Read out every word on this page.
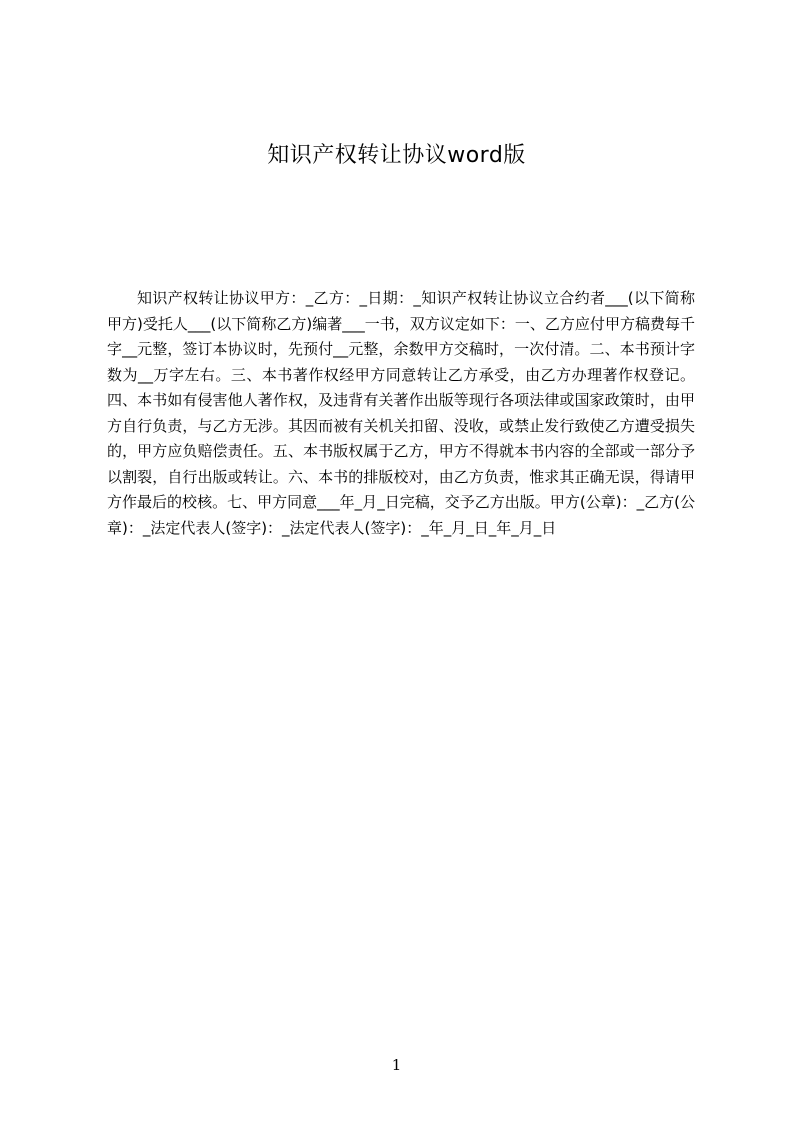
知识产权转让协议word版

知识产权转让协议甲方：_乙方：_日期：_知识产权转让协议立合约者___(以下简称甲方)受托人___(以下简称乙方)编著___一书，双方议定如下：一、乙方应付甲方稿费每千字__元整，签订本协议时，先预付__元整，余数甲方交稿时，一次付清。二、本书预计字数为__万字左右。三、本书著作权经甲方同意转让乙方承受，由乙方办理著作权登记。四、本书如有侵害他人著作权，及违背有关著作出版等现行各项法律或国家政策时，由甲方自行负责，与乙方无涉。其因而被有关机关扣留、没收，或禁止发行致使乙方遭受损失的，甲方应负赔偿责任。五、本书版权属于乙方，甲方不得就本书内容的全部或一部分予以割裂，自行出版或转让。六、本书的排版校对，由乙方负责，惟求其正确无误，得请甲方作最后的校核。七、甲方同意___年_月_日完稿，交予乙方出版。甲方(公章)：_乙方(公章)：_法定代表人(签字)：_法定代表人(签字)：_年_月_日_年_月_日

1
